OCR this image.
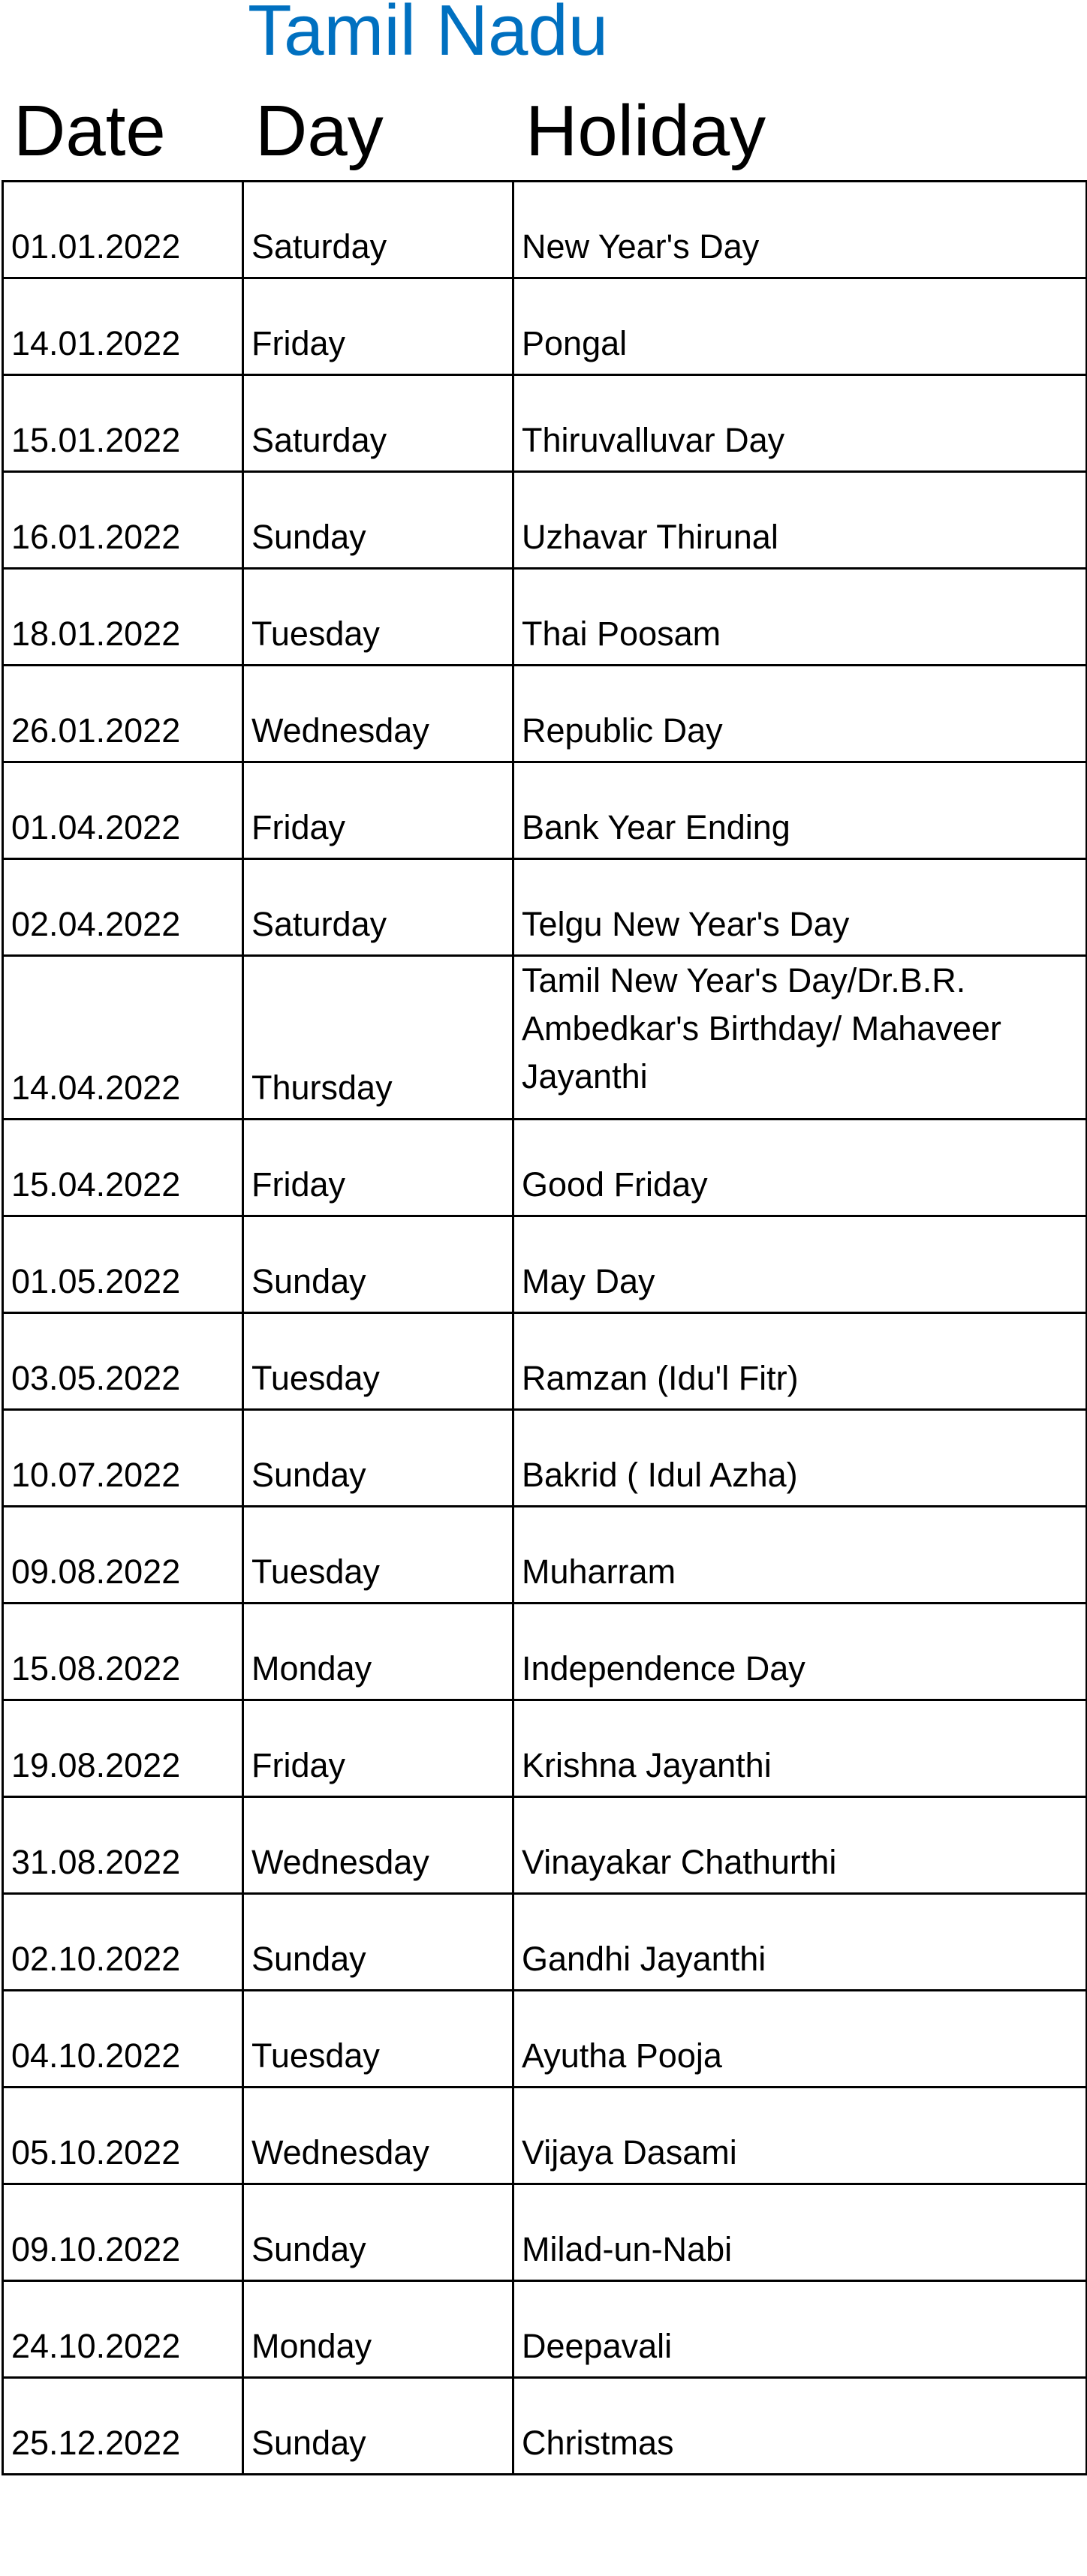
Tamil Nadu
Date Day Holiday
01.01.2022	Saturday	New Year's Day
14.01.2022	Friday	Pongal
15.01.2022	Saturday	Thiruvalluvar Day
16.01.2022	Sunday	Uzhavar Thirunal
18.01.2022	Tuesday	Thai Poosam
26.01.2022	Wednesday	Republic Day
01.04.2022	Friday	Bank Year Ending
02.04.2022	Saturday	Telgu New Year's Day
14.04.2022	Thursday	Tamil New Year's Day/Dr.B.R. Ambedkar's Birthday/ Mahaveer Jayanthi
15.04.2022	Friday	Good Friday
01.05.2022	Sunday	May Day
03.05.2022	Tuesday	Ramzan (Idu'l Fitr)
10.07.2022	Sunday	Bakrid ( Idul Azha)
09.08.2022	Tuesday	Muharram
15.08.2022	Monday	Independence Day
19.08.2022	Friday	Krishna Jayanthi
31.08.2022	Wednesday	Vinayakar Chathurthi
02.10.2022	Sunday	Gandhi Jayanthi
04.10.2022	Tuesday	Ayutha Pooja
05.10.2022	Wednesday	Vijaya Dasami
09.10.2022	Sunday	Milad-un-Nabi
24.10.2022	Monday	Deepavali
25.12.2022	Sunday	Christmas
